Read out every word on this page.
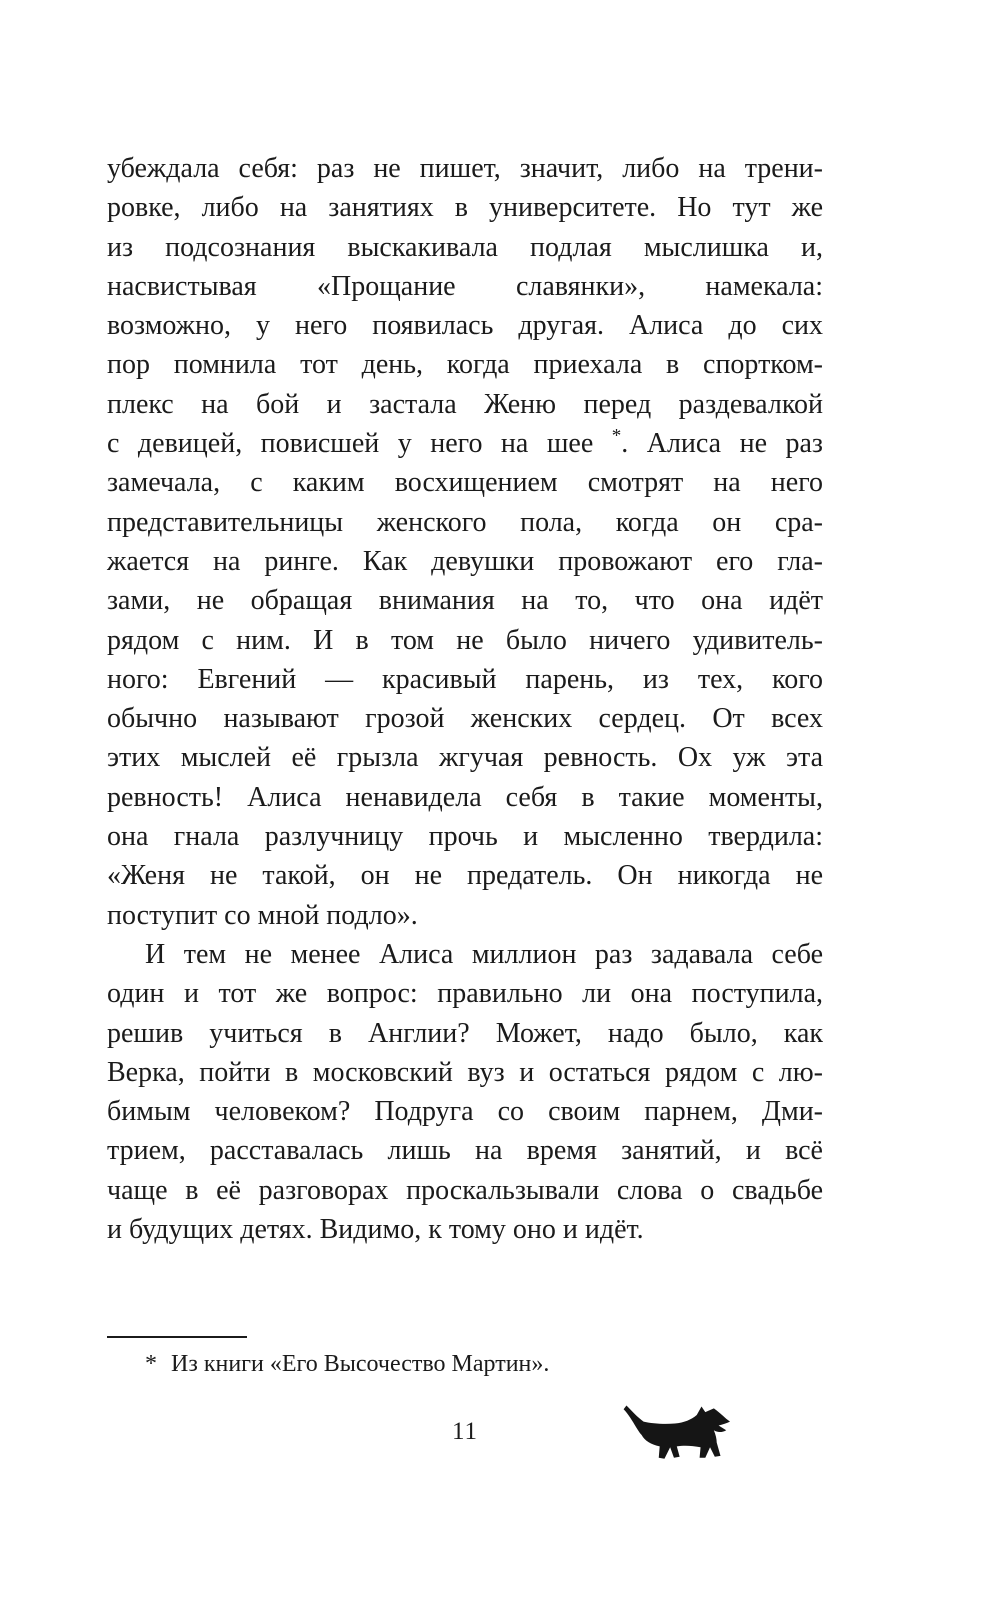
убеждала себя: раз не пишет, значит, либо на трени-
ровке, либо на занятиях в университете. Но тут же
из подсознания выскакивала подлая мыслишка и,
насвистывая «Прощание славянки», намекала:
возможно, у него появилась другая. Алиса до сих
пор помнила тот день, когда приехала в спортком-
плекс на бой и застала Женю перед раздевалкой
с девицей, повисшей у него на шее *. Алиса не раз
замечала, с каким восхищением смотрят на него
представительницы женского пола, когда он сра-
жается на ринге. Как девушки провожают его гла-
зами, не обращая внимания на то, что она идёт
рядом с ним. И в том не было ничего удивитель-
ного: Евгений — красивый парень, из тех, кого
обычно называют грозой женских сердец. От всех
этих мыслей её грызла жгучая ревность. Ох уж эта
ревность! Алиса ненавидела себя в такие моменты,
она гнала разлучницу прочь и мысленно твердила:
«Женя не такой, он не предатель. Он никогда не
поступит со мной подло».
И тем не менее Алиса миллион раз задавала себе
один и тот же вопрос: правильно ли она поступила,
решив учиться в Англии? Может, надо было, как
Верка, пойти в московский вуз и остаться рядом с лю-
бимым человеком? Подруга со своим парнем, Дми-
трием, расставалась лишь на время занятий, и всё
чаще в её разговорах проскальзывали слова о свадьбе
и будущих детях. Видимо, к тому оно и идёт.
* Из книги «Его Высочество Мартин».
11
